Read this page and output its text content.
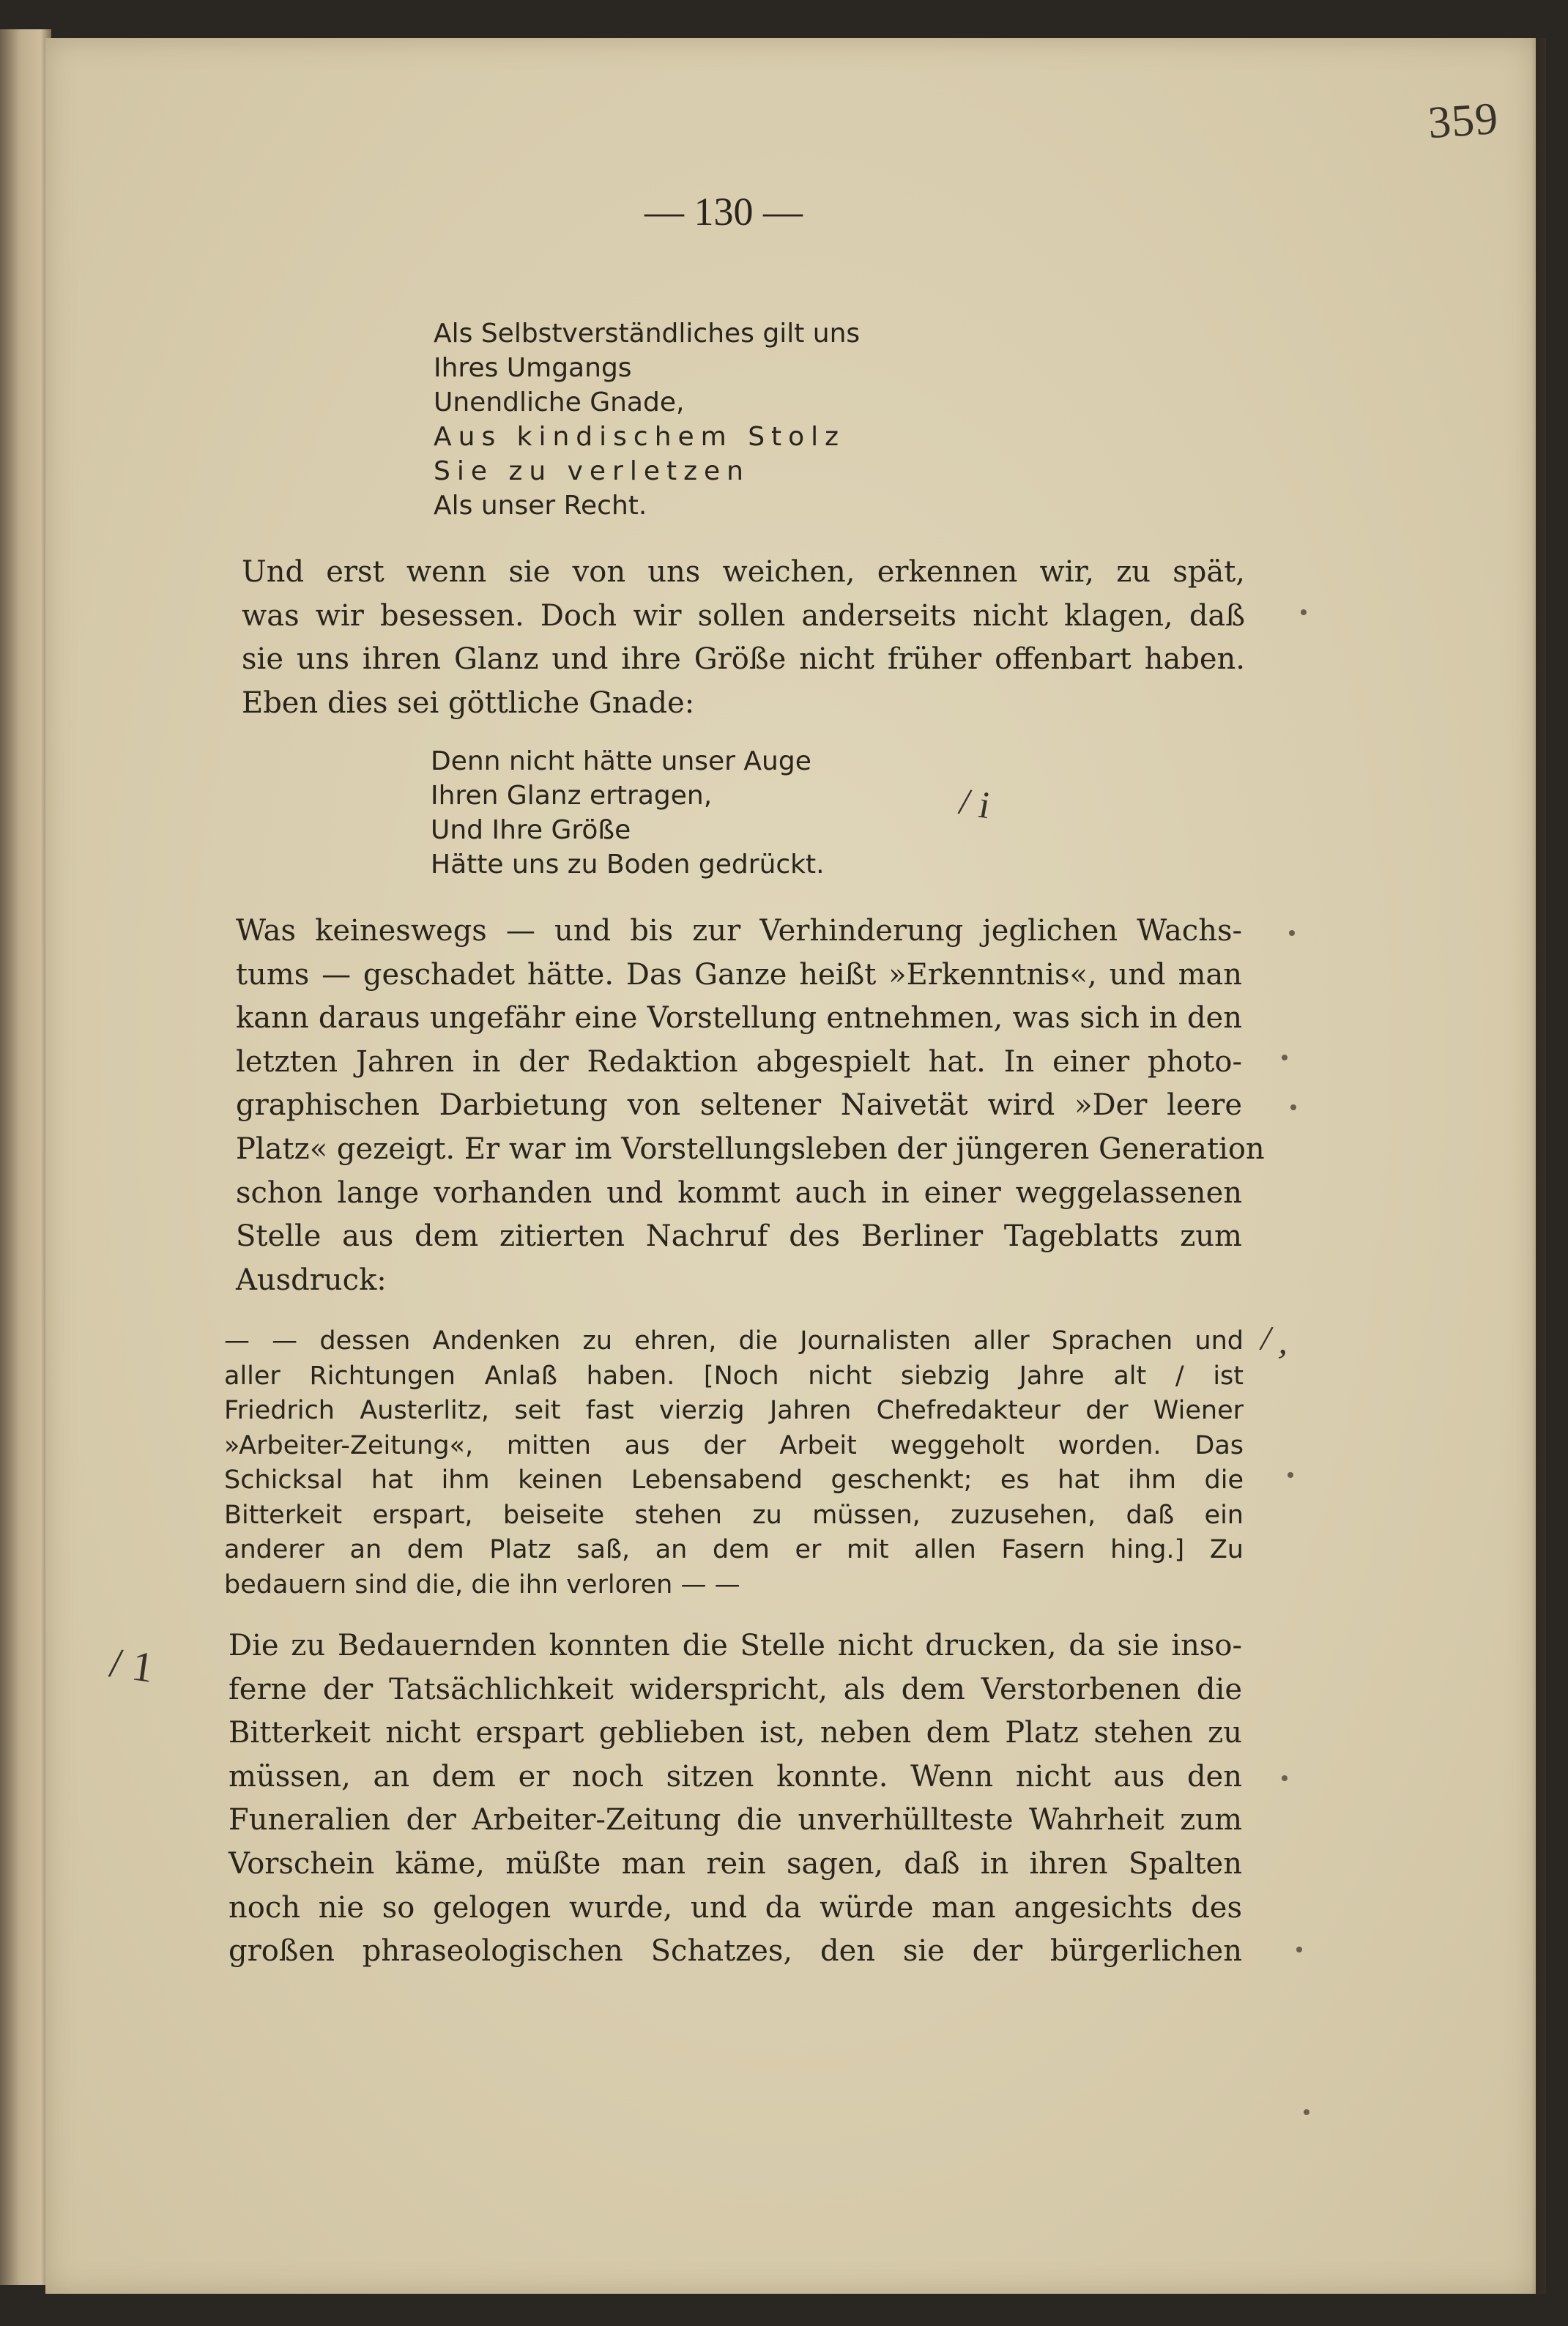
359
— 130 —
Als Selbstverständliches gilt uns
Ihres Umgangs
Unendliche Gnade,
Aus kindischem Stolz
Sie zu verletzen
Als unser Recht.
Und erst wenn sie von uns weichen, erkennen wir, zu spät,
was wir besessen. Doch wir sollen anderseits nicht klagen, daß
sie uns ihren Glanz und ihre Größe nicht früher offenbart haben.
Eben dies sei göttliche Gnade:
Denn nicht hätte unser Auge
Ihren Glanz ertragen,
Und Ihre Größe
Hätte uns zu Boden gedrückt.
Was keineswegs — und bis zur Verhinderung jeglichen Wachs-
tums — geschadet hätte. Das Ganze heißt »Erkenntnis«, und man
kann daraus ungefähr eine Vorstellung entnehmen, was sich in den
letzten Jahren in der Redaktion abgespielt hat. In einer photo-
graphischen Darbietung von seltener Naivetät wird »Der leere
Platz« gezeigt. Er war im Vorstellungsleben der jüngeren Generation
schon lange vorhanden und kommt auch in einer weggelassenen
Stelle aus dem zitierten Nachruf des Berliner Tageblatts zum
Ausdruck:
— — dessen Andenken zu ehren, die Journalisten aller Sprachen und
aller Richtungen Anlaß haben. [Noch nicht siebzig Jahre alt / ist
Friedrich Austerlitz, seit fast vierzig Jahren Chefredakteur der Wiener
»Arbeiter-Zeitung«, mitten aus der Arbeit weggeholt worden. Das
Schicksal hat ihm keinen Lebensabend geschenkt; es hat ihm die
Bitterkeit erspart, beiseite stehen zu müssen, zuzusehen, daß ein
anderer an dem Platz saß, an dem er mit allen Fasern hing.] Zu
bedauern sind die, die ihn verloren — —
Die zu Bedauernden konnten die Stelle nicht drucken, da sie inso-
ferne der Tatsächlichkeit widerspricht, als dem Verstorbenen die
Bitterkeit nicht erspart geblieben ist, neben dem Platz stehen zu
müssen, an dem er noch sitzen konnte. Wenn nicht aus den
Funeralien der Arbeiter-Zeitung die unverhüllteste Wahrheit zum
Vorschein käme, müßte man rein sagen, daß in ihren Spalten
noch nie so gelogen wurde, und da würde man angesichts des
großen phraseologischen Schatzes, den sie der bürgerlichen
/ i
/ ,
/ 1
